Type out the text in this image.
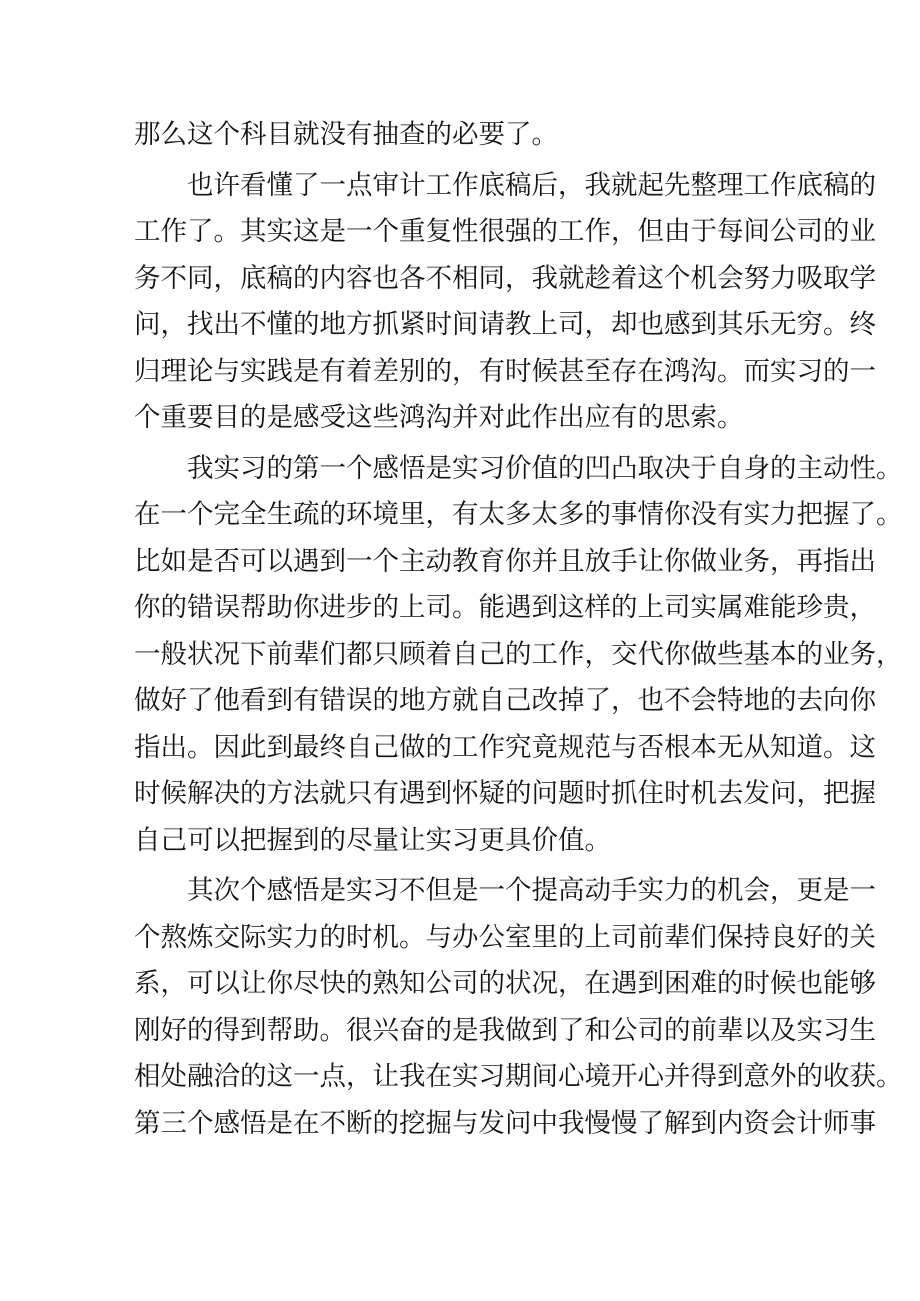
那么这个科目就没有抽查的必要了。
也许看懂了一点审计工作底稿后，我就起先整理工作底稿的
工作了。其实这是一个重复性很强的工作，但由于每间公司的业
务不同，底稿的内容也各不相同，我就趁着这个机会努力吸取学
问，找出不懂的地方抓紧时间请教上司，却也感到其乐无穷。终
归理论与实践是有着差别的，有时候甚至存在鸿沟。而实习的一
个重要目的是感受这些鸿沟并对此作出应有的思索。
我实习的第一个感悟是实习价值的凹凸取决于自身的主动性。
在一个完全生疏的环境里，有太多太多的事情你没有实力把握了。
比如是否可以遇到一个主动教育你并且放手让你做业务，再指出
你的错误帮助你进步的上司。能遇到这样的上司实属难能珍贵，
一般状况下前辈们都只顾着自己的工作，交代你做些基本的业务，
做好了他看到有错误的地方就自己改掉了，也不会特地的去向你
指出。因此到最终自己做的工作究竟规范与否根本无从知道。这
时候解决的方法就只有遇到怀疑的问题时抓住时机去发问，把握
自己可以把握到的尽量让实习更具价值。
其次个感悟是实习不但是一个提高动手实力的机会，更是一
个熬炼交际实力的时机。与办公室里的上司前辈们保持良好的关
系，可以让你尽快的熟知公司的状况，在遇到困难的时候也能够
刚好的得到帮助。很兴奋的是我做到了和公司的前辈以及实习生
相处融洽的这一点，让我在实习期间心境开心并得到意外的收获。
第三个感悟是在不断的挖掘与发问中我慢慢了解到内资会计师事
